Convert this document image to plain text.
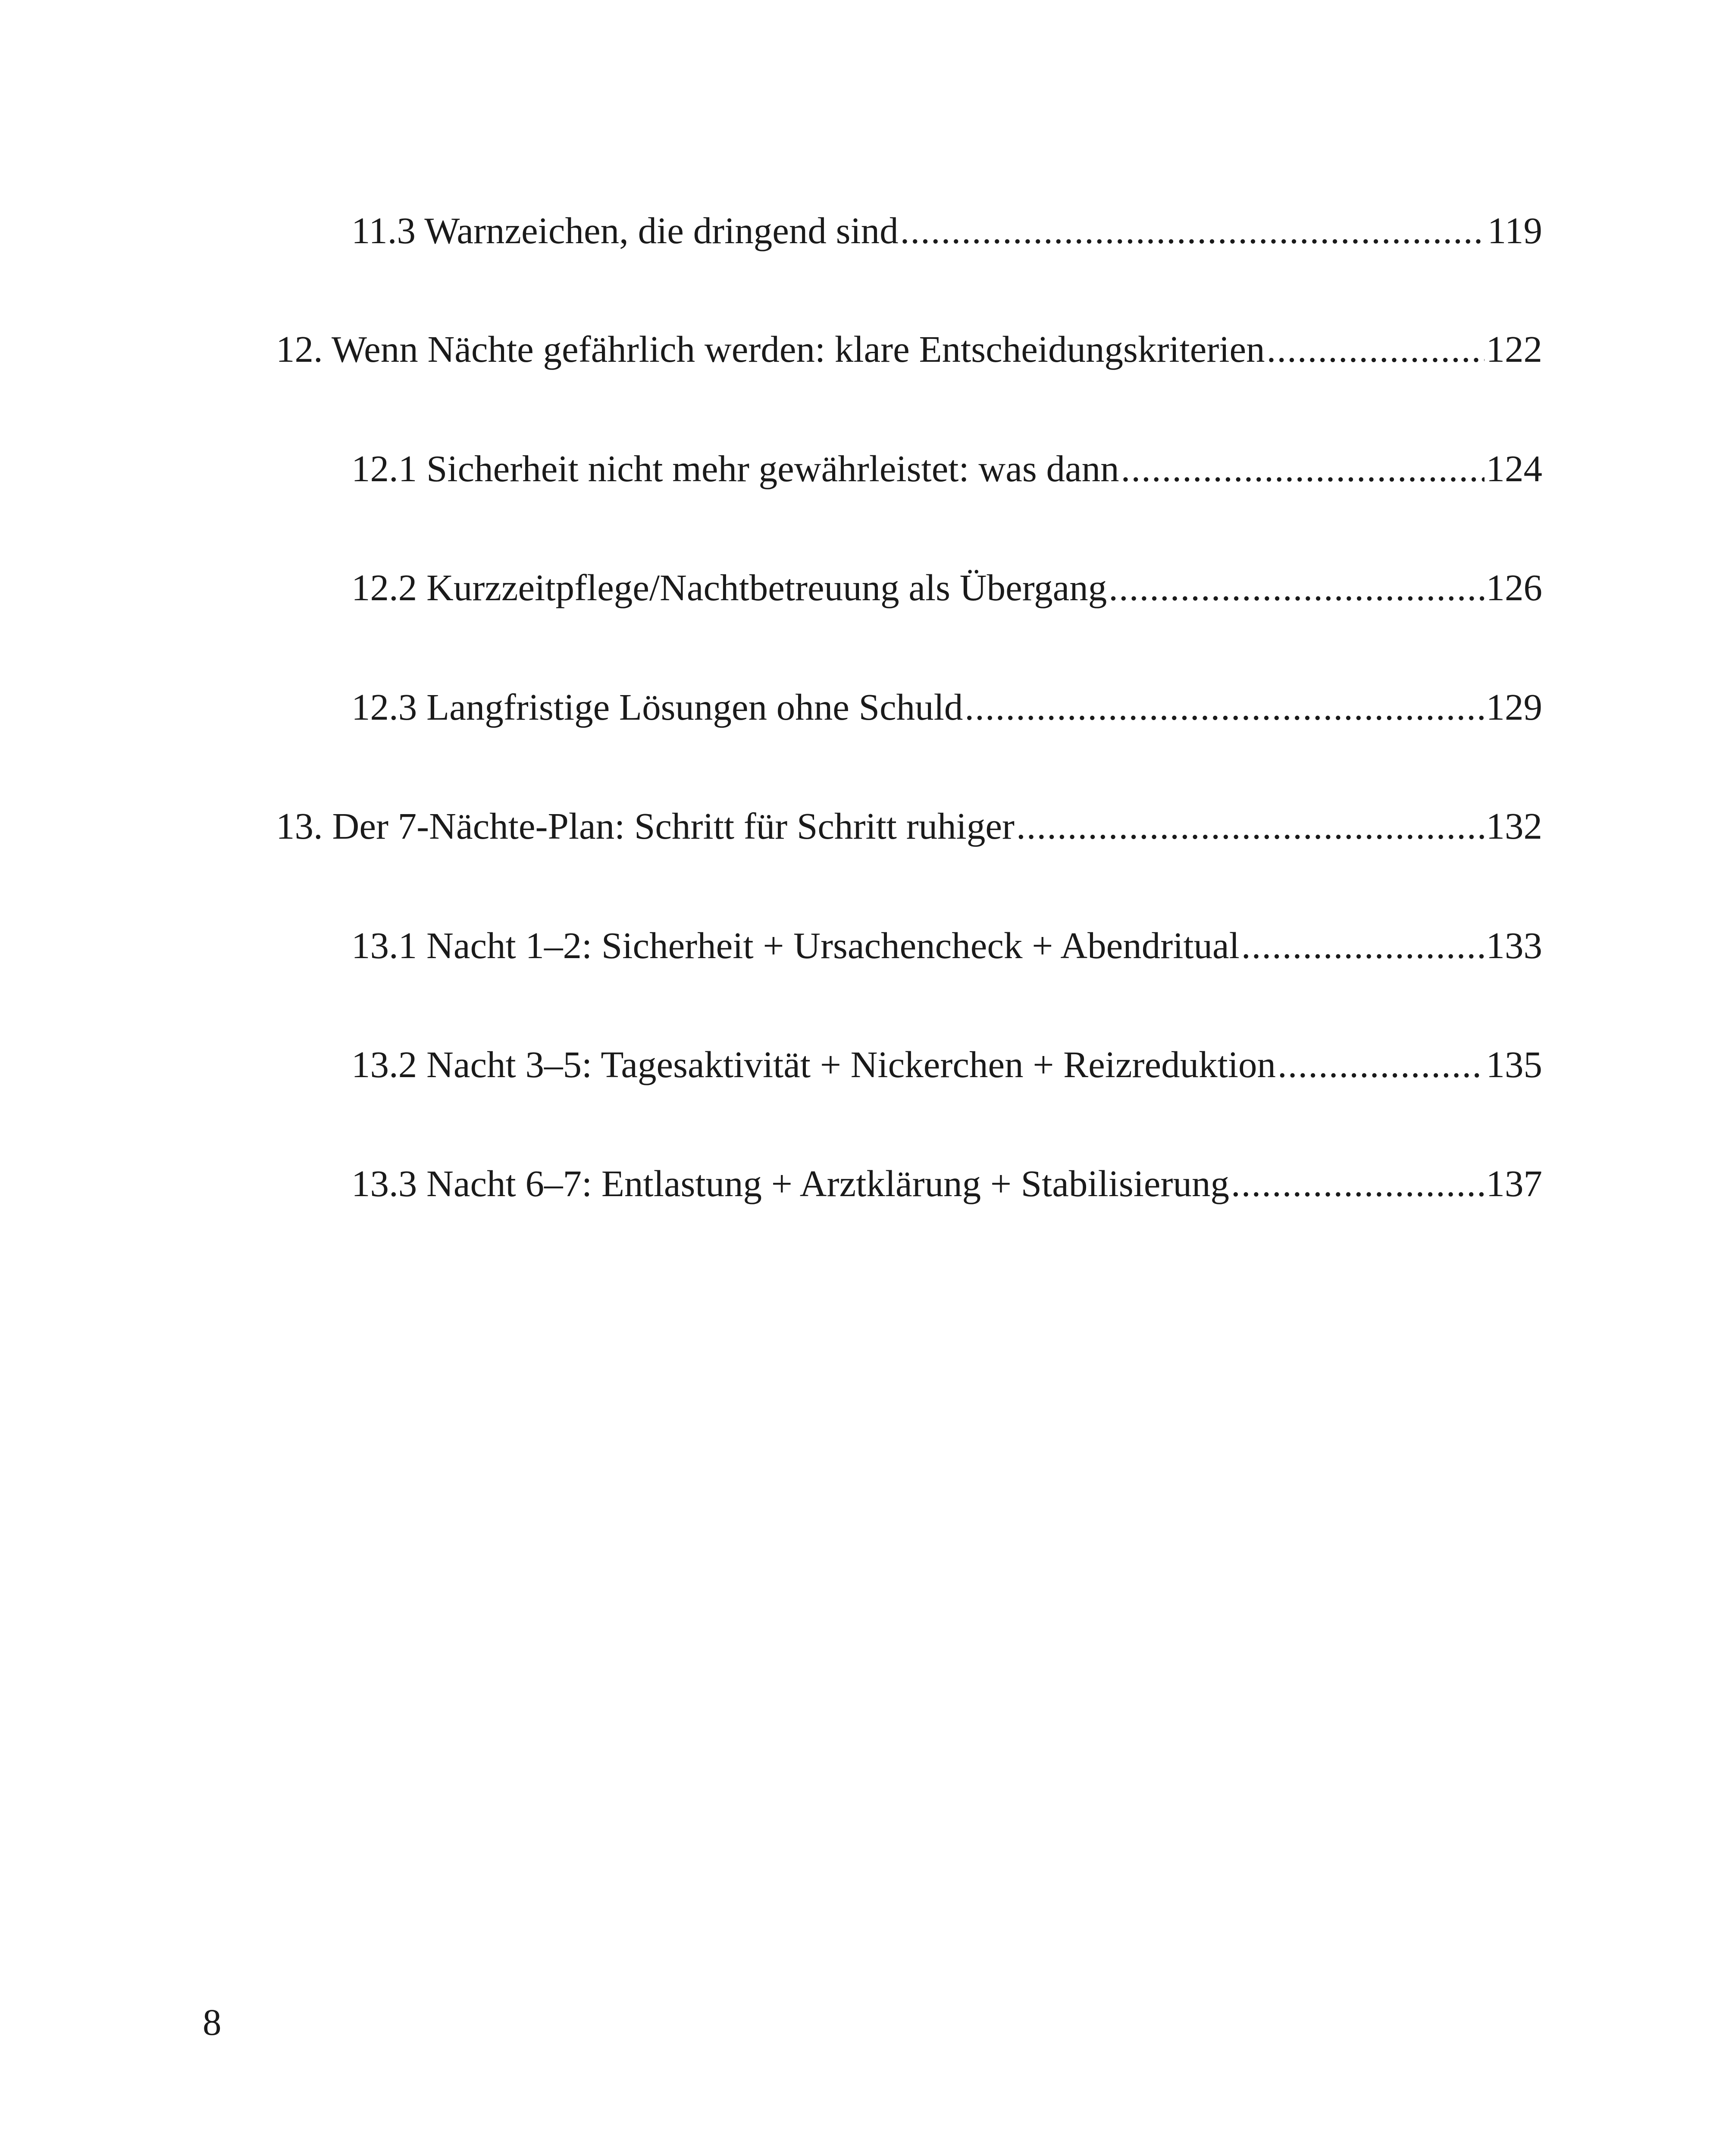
11.3 Warnzeichen, die dringend sind .....	119
12. Wenn Nächte gefährlich werden: klare Entscheidungskriterien .....	122
12.1 Sicherheit nicht mehr gewährleistet: was dann .....	124
12.2 Kurzzeitpflege/Nachtbetreuung als Übergang .....	126
12.3 Langfristige Lösungen ohne Schuld .....	129
13. Der 7-Nächte-Plan: Schritt für Schritt ruhiger .....	132
13.1 Nacht 1–2: Sicherheit + Ursachencheck + Abendritual .....	133
13.2 Nacht 3–5: Tagesaktivität + Nickerchen + Reizreduktion .....	135
13.3 Nacht 6–7: Entlastung + Arztklärung + Stabilisierung .....	137
8
